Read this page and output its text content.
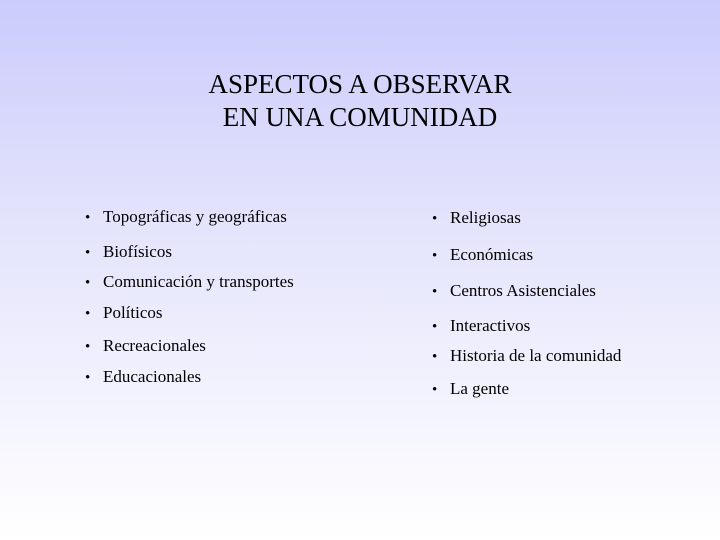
ASPECTOS A OBSERVAR
EN UNA COMUNIDAD
• Topográficas y geográficas
• Biofísicos
• Comunicación y transportes
• Políticos
• Recreacionales
• Educacionales
• Religiosas
• Económicas
• Centros Asistenciales
• Interactivos
• Historia de la comunidad
• La gente
